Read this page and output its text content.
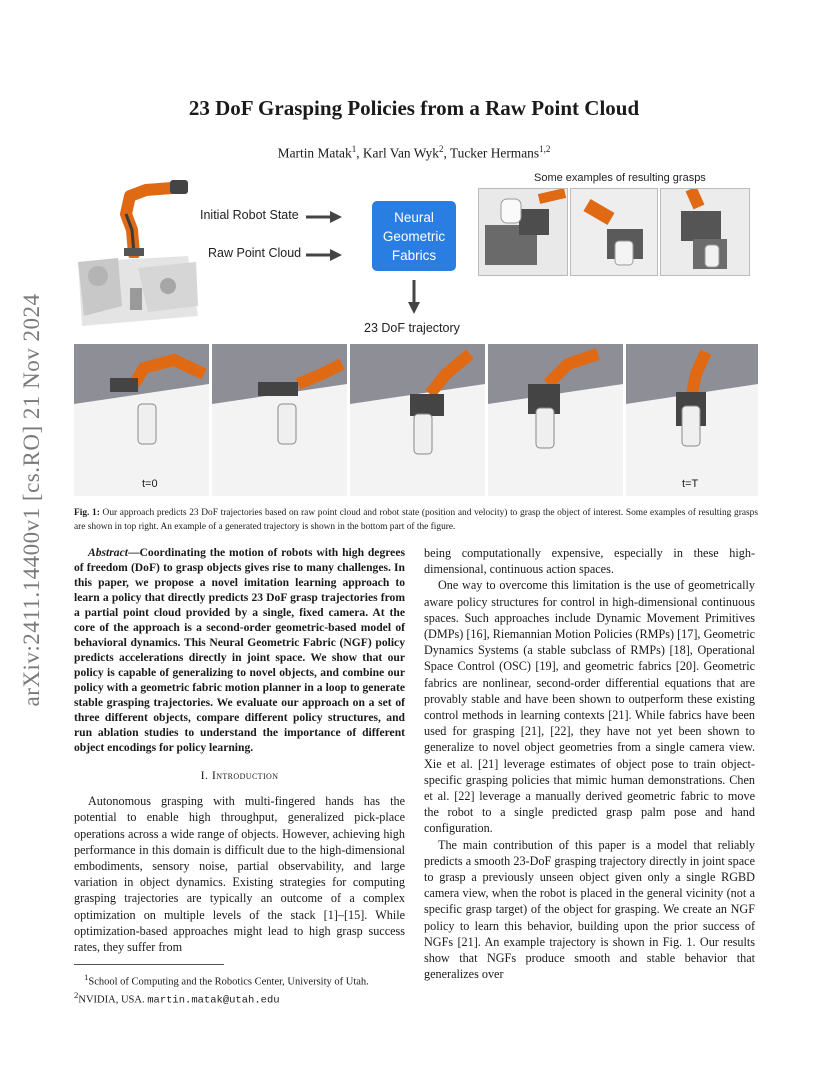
arXiv:2411.14400v1 [cs.RO] 21 Nov 2024
23 DoF Grasping Policies from a Raw Point Cloud
Martin Matak$^1$, Karl Van Wyk$^2$, Tucker Hermans$^{1,2}$
Initial Robot State
Raw Point Cloud
Neural Geometric Fabrics
23 DoF trajectory
Some examples of resulting grasps
t=0	t=T
Fig. 1: Our approach predicts 23 DoF trajectories based on raw point cloud and robot state (position and velocity) to grasp the object of interest. Some examples of resulting grasps are shown in top right. An example of a generated trajectory is shown in the bottom part of the figure.

Abstract—Coordinating the motion of robots with high degrees of freedom (DoF) to grasp objects gives rise to many challenges. In this paper, we propose a novel imitation learning approach to learn a policy that directly predicts 23 DoF grasp trajectories from a partial point cloud provided by a single, fixed camera. At the core of the approach is a second-order geometric-based model of behavioral dynamics. This Neural Geometric Fabric (NGF) policy predicts accelerations directly in joint space. We show that our policy is capable of generalizing to novel objects, and combine our policy with a geometric fabric motion planner in a loop to generate stable grasping trajectories. We evaluate our approach on a set of three different objects, compare different policy structures, and run ablation studies to understand the importance of different object encodings for policy learning.

I. Introduction

Autonomous grasping with multi-fingered hands has the potential to enable high throughput, generalized pick-place operations across a wide range of objects. However, achieving high performance in this domain is difficult due to the high-dimensional embodiments, sensory noise, partial observability, and large variation in object dynamics. Existing strategies for computing grasping trajectories are typically an outcome of a complex optimization on multiple levels of the stack [1]–[15]. While optimization-based approaches might lead to high grasp success rates, they suffer from

$^1$School of Computing and the Robotics Center, University of Utah.
$^2$NVIDIA, USA. martin.matak@utah.edu

being computationally expensive, especially in these high-dimensional, continuous action spaces.

One way to overcome this limitation is the use of geometrically aware policy structures for control in high-dimensional continuous spaces. Such approaches include Dynamic Movement Primitives (DMPs) [16], Riemannian Motion Policies (RMPs) [17], Geometric Dynamics Systems (a stable subclass of RMPs) [18], Operational Space Control (OSC) [19], and geometric fabrics [20]. Geometric fabrics are nonlinear, second-order differential equations that are provably stable and have been shown to outperform these existing control methods in learning contexts [21]. While fabrics have been used for grasping [21], [22], they have not yet been shown to generalize to novel object geometries from a single camera view. Xie et al. [21] leverage estimates of object pose to train object-specific grasping policies that mimic human demonstrations. Chen et al. [22] leverage a manually derived geometric fabric to move the robot to a single predicted grasp palm pose and hand configuration.

The main contribution of this paper is a model that reliably predicts a smooth 23-DoF grasping trajectory directly in joint space to grasp a previously unseen object given only a single RGBD camera view, when the robot is placed in the general vicinity (not a specific grasp target) of the object for grasping. We create an NGF policy to learn this behavior, building upon the prior success of NGFs [21]. An example trajectory is shown in Fig. 1. Our results show that NGFs produce smooth and stable behavior that generalizes over
